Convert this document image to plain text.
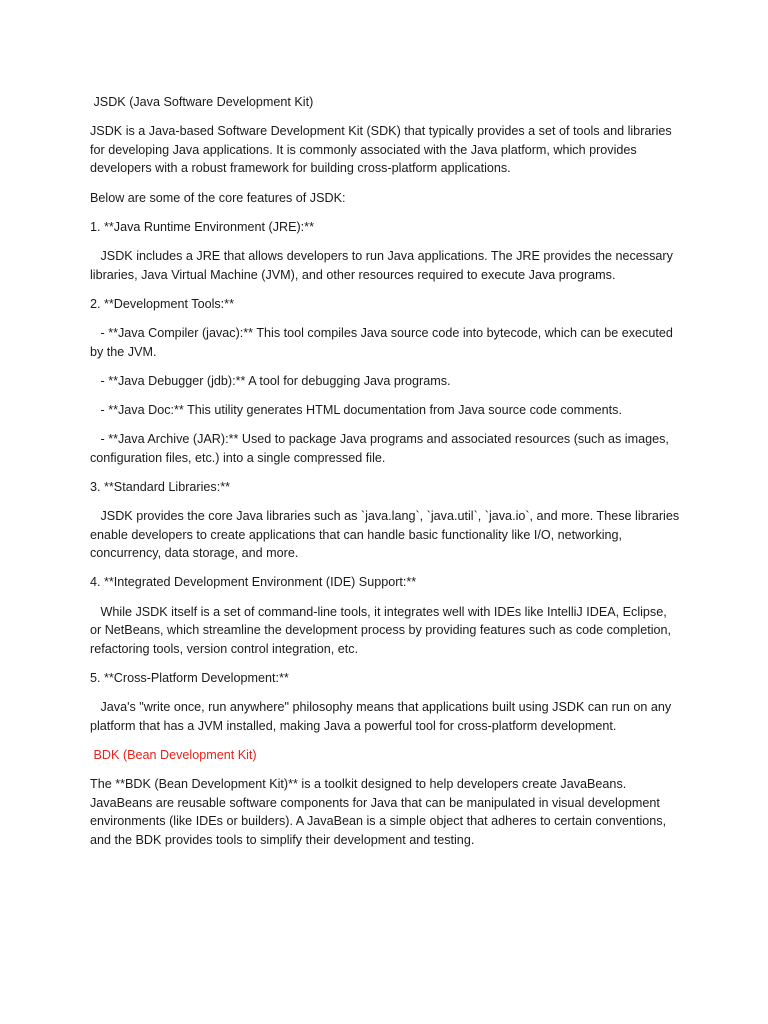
JSDK (Java Software Development Kit)

JSDK is a Java-based Software Development Kit (SDK) that typically provides a set of tools and libraries for developing Java applications. It is commonly associated with the Java platform, which provides developers with a robust framework for building cross-platform applications.

Below are some of the core features of JSDK:

1. **Java Runtime Environment (JRE):**

JSDK includes a JRE that allows developers to run Java applications. The JRE provides the necessary libraries, Java Virtual Machine (JVM), and other resources required to execute Java programs.

2. **Development Tools:**

- **Java Compiler (javac):** This tool compiles Java source code into bytecode, which can be executed by the JVM.

- **Java Debugger (jdb):** A tool for debugging Java programs.

- **Java Doc:** This utility generates HTML documentation from Java source code comments.

- **Java Archive (JAR):** Used to package Java programs and associated resources (such as images, configuration files, etc.) into a single compressed file.

3. **Standard Libraries:**

JSDK provides the core Java libraries such as `java.lang`, `java.util`, `java.io`, and more. These libraries enable developers to create applications that can handle basic functionality like I/O, networking, concurrency, data storage, and more.

4. **Integrated Development Environment (IDE) Support:**

While JSDK itself is a set of command-line tools, it integrates well with IDEs like IntelliJ IDEA, Eclipse, or NetBeans, which streamline the development process by providing features such as code completion, refactoring tools, version control integration, etc.

5. **Cross-Platform Development:**

Java's "write once, run anywhere" philosophy means that applications built using JSDK can run on any platform that has a JVM installed, making Java a powerful tool for cross-platform development.

BDK (Bean Development Kit)

The **BDK (Bean Development Kit)** is a toolkit designed to help developers create JavaBeans. JavaBeans are reusable software components for Java that can be manipulated in visual development environments (like IDEs or builders). A JavaBean is a simple object that adheres to certain conventions, and the BDK provides tools to simplify their development and testing.
